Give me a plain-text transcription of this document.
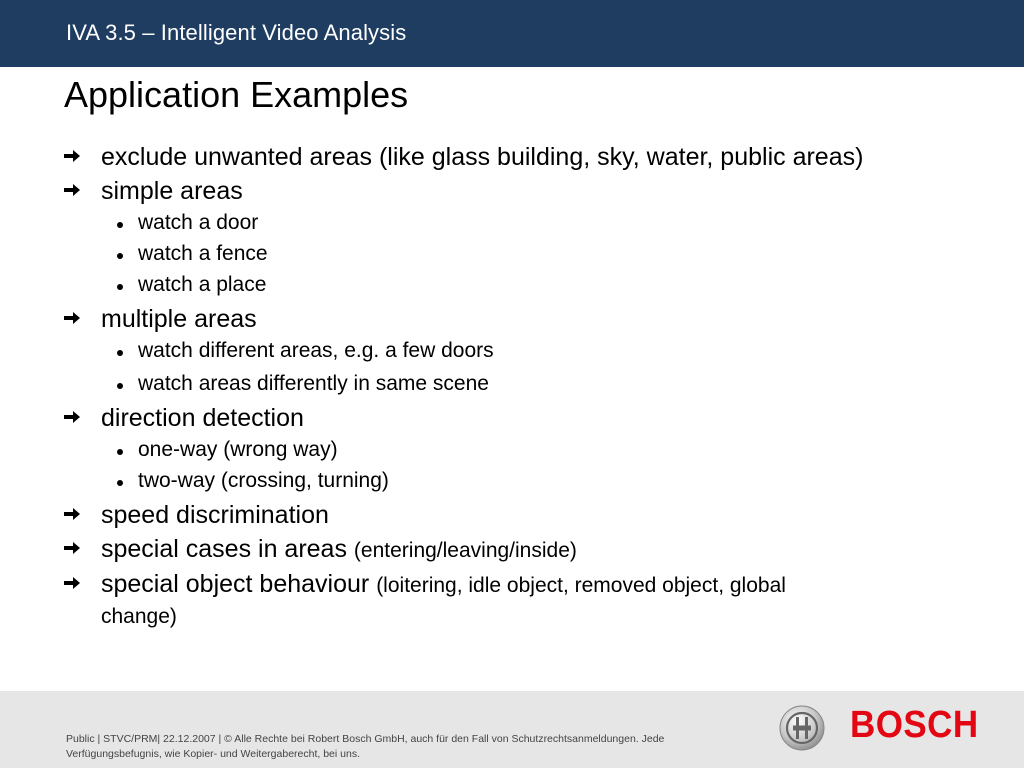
IVA 3.5 – Intelligent Video Analysis
Application Examples
exclude unwanted areas (like glass building, sky, water, public areas)
simple areas
watch a door
watch a fence
watch a place
multiple areas
watch different areas, e.g. a few doors
watch areas differently in same scene
direction detection
one-way (wrong way)
two-way (crossing, turning)
speed discrimination
special cases in areas (entering/leaving/inside)
special object behaviour (loitering, idle object, removed object, global
change)
Public | STVC/PRM| 22.12.2007 | © Alle Rechte bei Robert Bosch GmbH, auch für den Fall von Schutzrechtsanmeldungen. Jede Verfügungsbefugnis, wie Kopier- und Weitergaberecht, bei uns.
BOSCH
